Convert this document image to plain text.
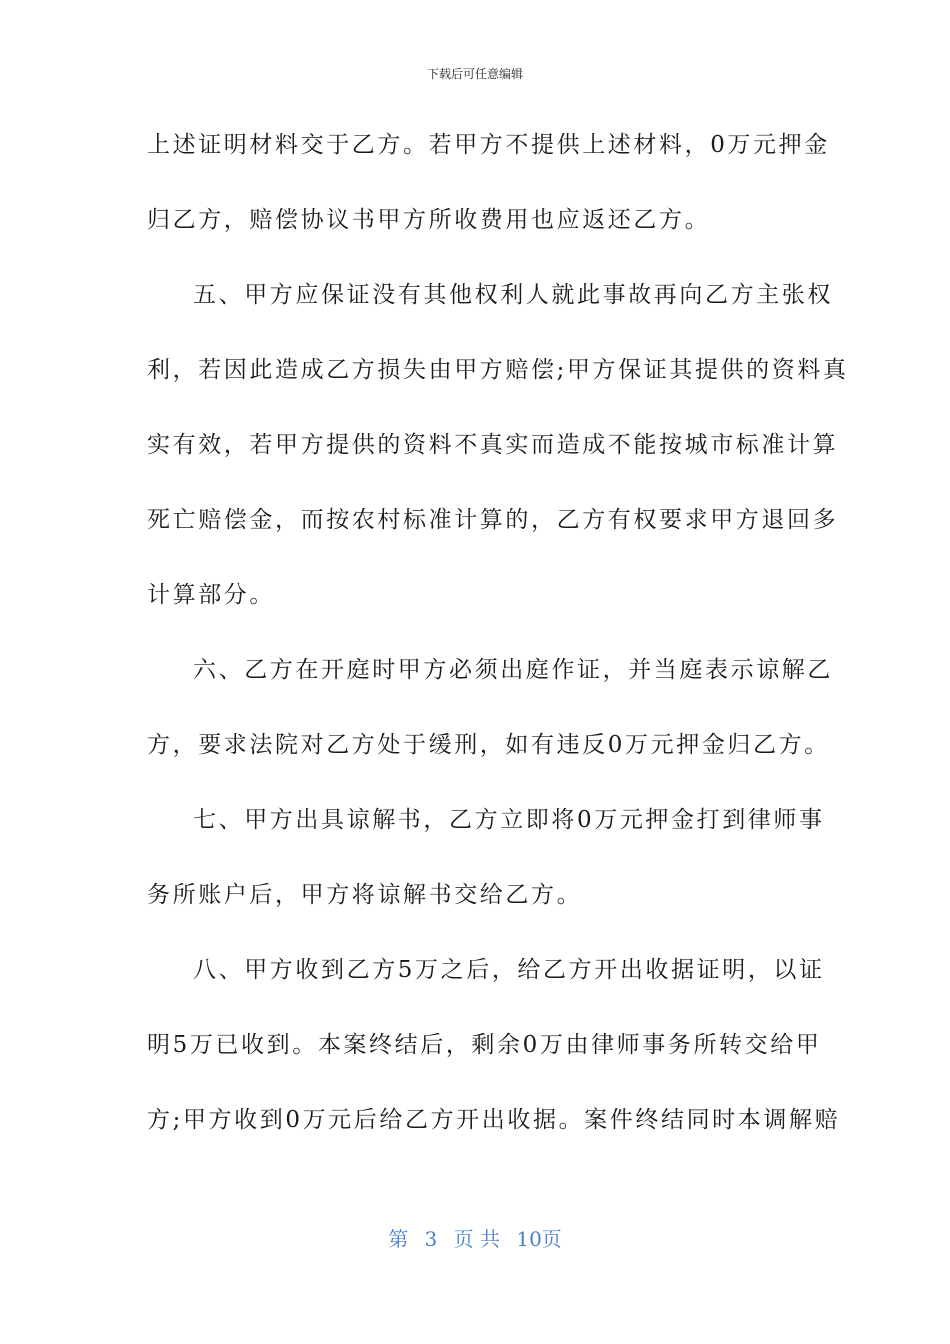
下载后可任意编辑
上述证明材料交于乙方。若甲方不提供上述材料，0万元押金
归乙方，赔偿协议书甲方所收费用也应返还乙方。
五、甲方应保证没有其他权利人就此事故再向乙方主张权
利，若因此造成乙方损失由甲方赔偿;甲方保证其提供的资料真
实有效，若甲方提供的资料不真实而造成不能按城市标准计算
死亡赔偿金，而按农村标准计算的，乙方有权要求甲方退回多
计算部分。
六、乙方在开庭时甲方必须出庭作证，并当庭表示谅解乙
方，要求法院对乙方处于缓刑，如有违反0万元押金归乙方。
七、甲方出具谅解书，乙方立即将0万元押金打到律师事
务所账户后，甲方将谅解书交给乙方。
八、甲方收到乙方5万之后，给乙方开出收据证明，以证
明5万已收到。本案终结后，剩余0万由律师事务所转交给甲
方;甲方收到0万元后给乙方开出收据。案件终结同时本调解赔
第 3 页 共 10页
